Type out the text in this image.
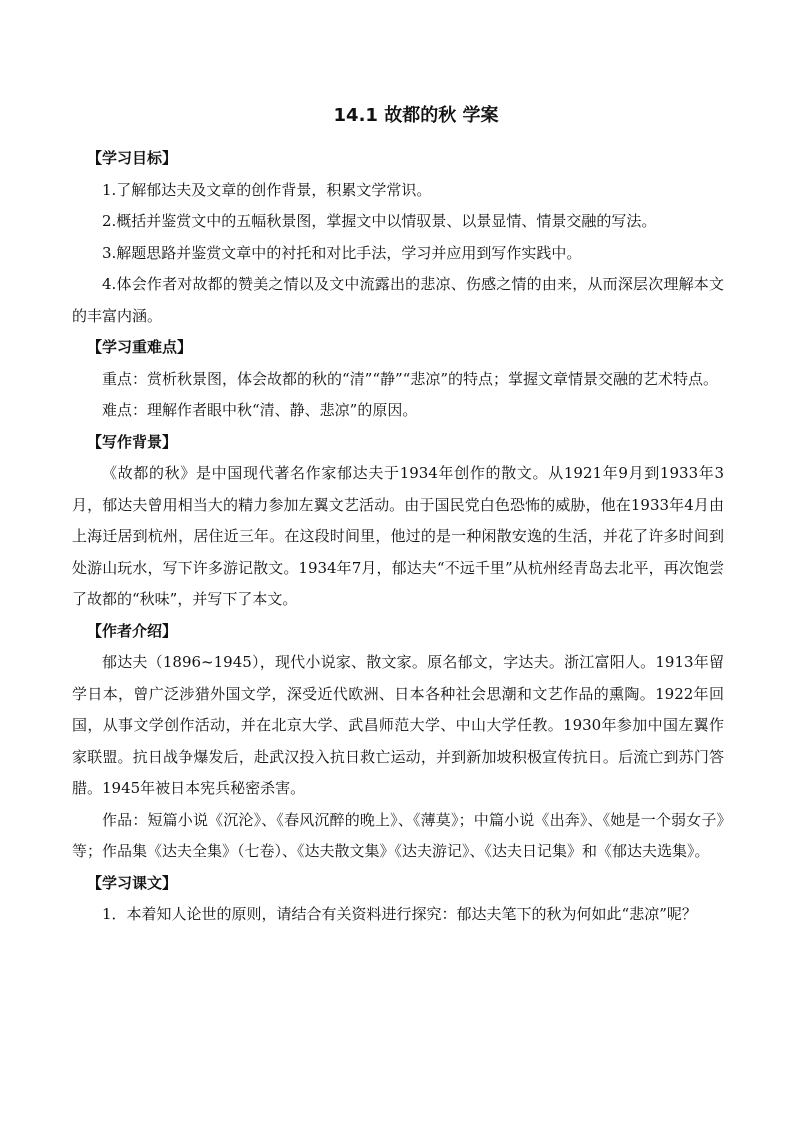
14.1 故都的秋 学案

【学习目标】

1.了解郁达夫及文章的创作背景，积累文学常识。

2.概括并鉴赏文中的五幅秋景图，掌握文中以情驭景、以景显情、情景交融的写法。

3.解题思路并鉴赏文章中的衬托和对比手法，学习并应用到写作实践中。

4.体会作者对故都的赞美之情以及文中流露出的悲凉、伤感之情的由来，从而深层次理解本文的丰富内涵。

【学习重难点】

重点：赏析秋景图，体会故都的秋的“清”“静”“悲凉”的特点；掌握文章情景交融的艺术特点。

难点：理解作者眼中秋“清、静、悲凉”的原因。

【写作背景】

《故都的秋》是中国现代著名作家郁达夫于1934年创作的散文。从1921年9月到1933年3月，郁达夫曾用相当大的精力参加左翼文艺活动。由于国民党白色恐怖的威胁，他在1933年4月由上海迁居到杭州，居住近三年。在这段时间里，他过的是一种闲散安逸的生活，并花了许多时间到处游山玩水，写下许多游记散文。1934年7月，郁达夫“不远千里”从杭州经青岛去北平，再次饱尝了故都的“秋味”，并写下了本文。

【作者介绍】

郁达夫（1896~1945），现代小说家、散文家。原名郁文，字达夫。浙江富阳人。1913年留学日本，曾广泛涉猎外国文学，深受近代欧洲、日本各种社会思潮和文艺作品的熏陶。1922年回国，从事文学创作活动，并在北京大学、武昌师范大学、中山大学任教。1930年参加中国左翼作家联盟。抗日战争爆发后，赴武汉投入抗日救亡运动，并到新加坡积极宣传抗日。后流亡到苏门答腊。1945年被日本宪兵秘密杀害。

作品：短篇小说《沉沦》、《春风沉醉的晚上》、《薄莫》；中篇小说《出奔》、《她是一个弱女子》等；作品集《达夫全集》（七卷）、《达夫散文集》《达夫游记》、《达夫日记集》和《郁达夫选集》。

【学习课文】

1．本着知人论世的原则，请结合有关资料进行探究：郁达夫笔下的秋为何如此“悲凉”呢？
